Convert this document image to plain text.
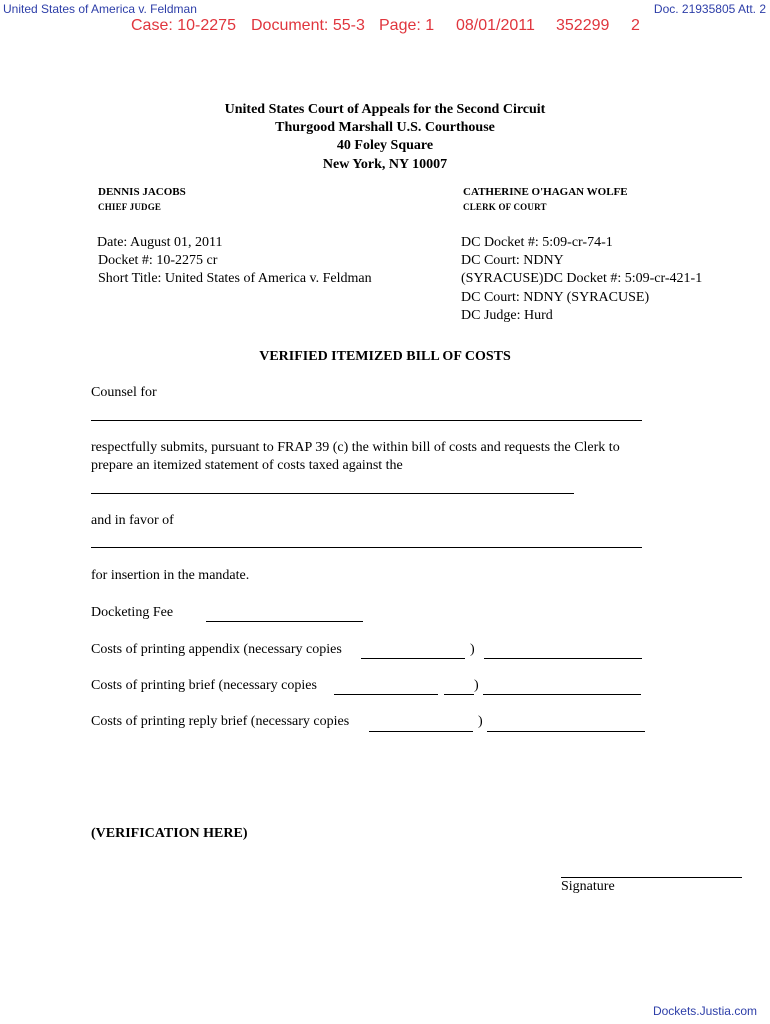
United States of America v. Feldman	Doc. 21935805 Att. 2
Case: 10-2275 Document: 55-3 Page: 1 08/01/2011 352299 2
United States Court of Appeals for the Second Circuit
Thurgood Marshall U.S. Courthouse
40 Foley Square
New York, NY 10007
DENNIS JACOBS
CHIEF JUDGE
CATHERINE O'HAGAN WOLFE
CLERK OF COURT
Date: August 01, 2011
Docket #: 10-2275 cr
Short Title: United States of America v. Feldman
DC Docket #: 5:09-cr-74-1
DC Court: NDNY
(SYRACUSE)DC Docket #: 5:09-cr-421-1
DC Court: NDNY (SYRACUSE)
DC Judge: Hurd
VERIFIED ITEMIZED BILL OF COSTS
Counsel for
respectfully submits, pursuant to FRAP 39 (c) the within bill of costs and requests the Clerk to
prepare an itemized statement of costs taxed against the
and in favor of
for insertion in the mandate.
Docketing Fee
Costs of printing appendix (necessary copies	)
Costs of printing brief (necessary copies	)
Costs of printing reply brief (necessary copies	)
(VERIFICATION HERE)
Signature
Dockets.Justia.com
